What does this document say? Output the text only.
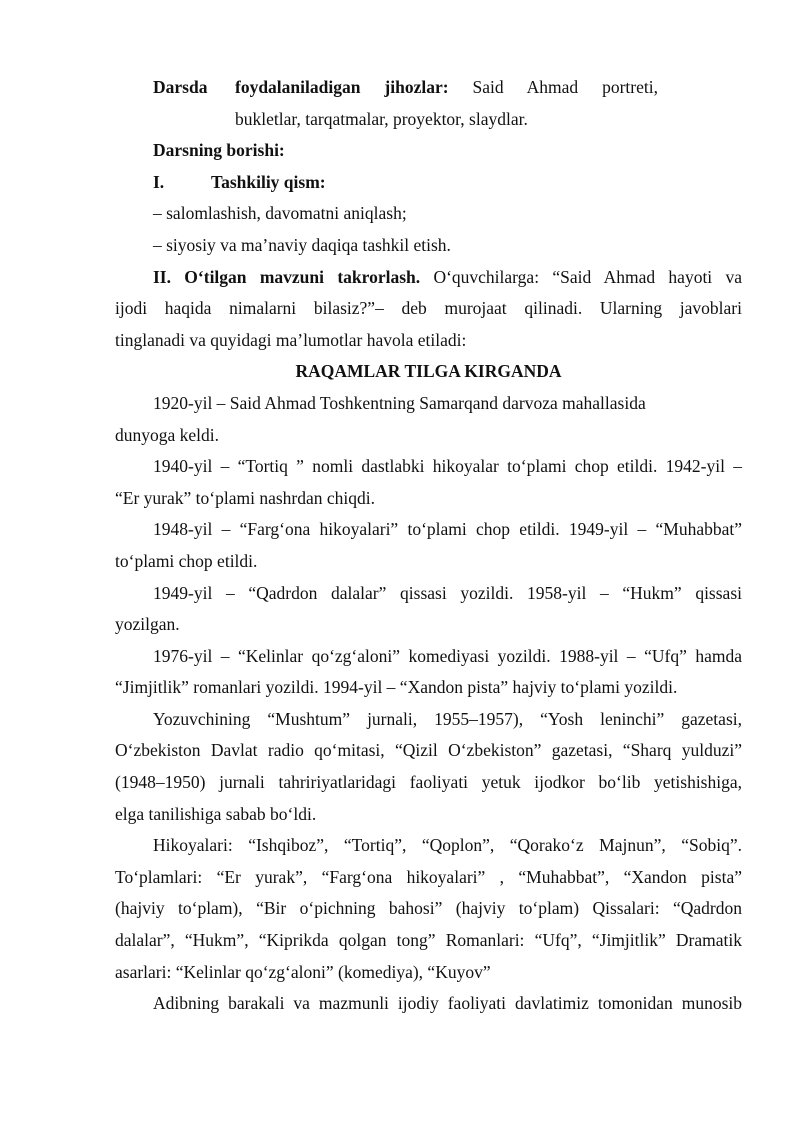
Darsda	foydalaniladigan jihozlar: Said Ahmad portreti,

bukletlar, tarqatmalar, proyektor, slaydlar.

Darsning borishi:

I.	Tashkiliy qism:

– salomlashish, davomatni aniqlash;

– siyosiy va ma’naviy daqiqa tashkil etish.

II. O‘tilgan mavzuni takrorlash. O‘quvchilarga: “Said Ahmad hayoti va

ijodi haqida nimalarni bilasiz?”– deb murojaat qilinadi. Ularning javoblari

tinglanadi va quyidagi ma’lumotlar havola etiladi:

RAQAMLAR TILGA KIRGANDA

1920-yil – Said Ahmad Toshkentning Samarqand darvoza mahallasida

dunyoga keldi.

1940-yil – “Tortiq ” nomli dastlabki hikoyalar to‘plami chop etildi. 1942-yil –

“Er yurak” to‘plami nashrdan chiqdi.

1948-yil – “Farg‘ona hikoyalari” to‘plami chop etildi. 1949-yil – “Muhabbat”

to‘plami chop etildi.

1949-yil – “Qadrdon dalalar” qissasi yozildi. 1958-yil – “Hukm” qissasi

yozilgan.

1976-yil – “Kelinlar qo‘zg‘aloni” komediyasi yozildi. 1988-yil – “Ufq” hamda

“Jimjitlik” romanlari yozildi. 1994-yil – “Xandon pista” hajviy to‘plami yozildi.

Yozuvchining “Mushtum” jurnali, 1955–1957), “Yosh leninchi” gazetasi,

O‘zbekiston Davlat radio qo‘mitasi, “Qizil O‘zbekiston” gazetasi, “Sharq yulduzi”

(1948–1950) jurnali tahririyatlaridagi faoliyati yetuk ijodkor bo‘lib yetishishiga,

elga tanilishiga sabab bo‘ldi.

Hikoyalari: “Ishqiboz”, “Tortiq”, “Qoplon”, “Qorako‘z Majnun”, “Sobiq”.

To‘plamlari: “Er yurak”, “Farg‘ona hikoyalari” , “Muhabbat”, “Xandon pista”

(hajviy to‘plam), “Bir o‘pichning bahosi” (hajviy to‘plam) Qissalari: “Qadrdon

dalalar”, “Hukm”, “Kiprikda qolgan tong” Romanlari: “Ufq”, “Jimjitlik” Dramatik

asarlari: “Kelinlar qo‘zg‘aloni” (komediya), “Kuyov”

Adibning barakali va mazmunli ijodiy faoliyati davlatimiz tomonidan munosib
